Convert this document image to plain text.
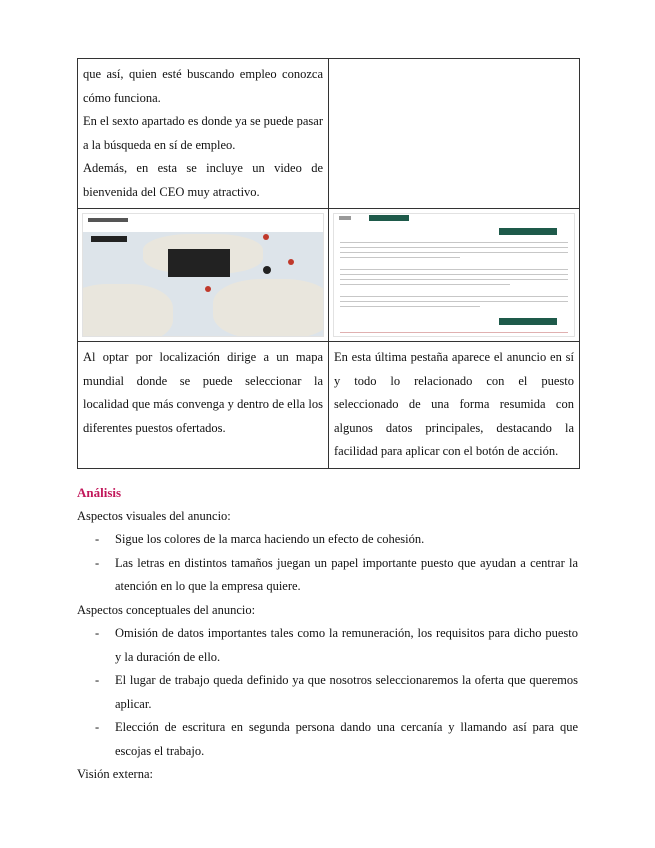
que así, quien esté buscando empleo conozca cómo funciona.

En el sexto apartado es donde ya se puede pasar a la búsqueda en sí de empleo.

Además, en esta se incluye un video de bienvenida del CEO muy atractivo.

Al optar por localización dirige a un mapa mundial donde se puede seleccionar la localidad que más convenga y dentro de ella los diferentes puestos ofertados.

En esta última pestaña aparece el anuncio en sí y todo lo relacionado con el puesto seleccionado de una forma resumida con algunos datos principales, destacando la facilidad para aplicar con el botón de acción.

Análisis

Aspectos visuales del anuncio:

- Sigue los colores de la marca haciendo un efecto de cohesión.
- Las letras en distintos tamaños juegan un papel importante puesto que ayudan a centrar la atención en lo que la empresa quiere.

Aspectos conceptuales del anuncio:

- Omisión de datos importantes tales como la remuneración, los requisitos para dicho puesto y la duración de ello.
- El lugar de trabajo queda definido ya que nosotros seleccionaremos la oferta que queremos aplicar.
- Elección de escritura en segunda persona dando una cercanía y llamando así para que escojas el trabajo.

Visión externa:
